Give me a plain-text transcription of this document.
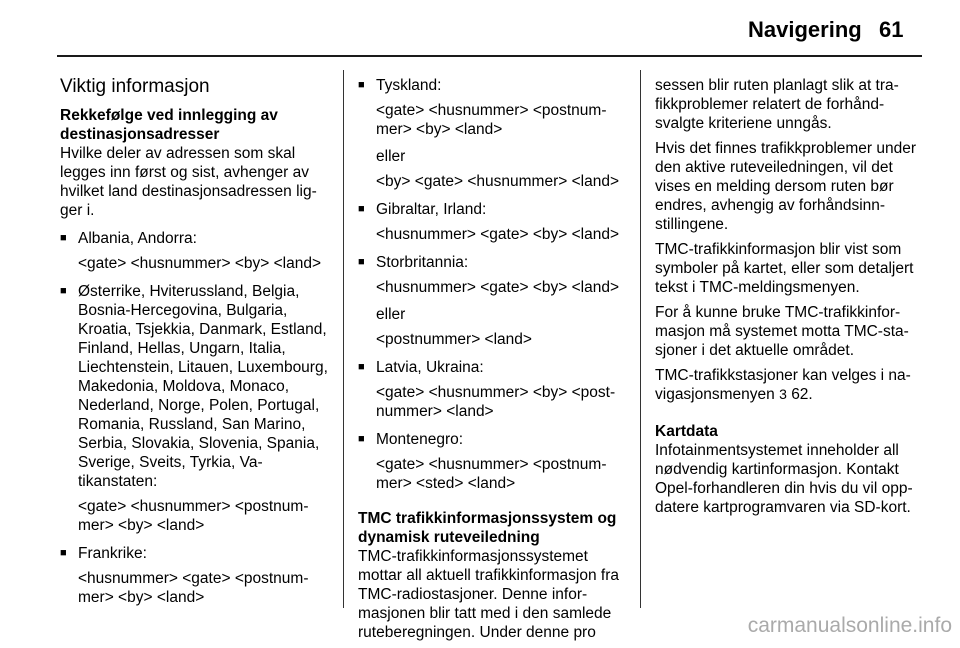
Navigering 61
Viktig informasjon

Rekkefølge ved innlegging av destinasjonsadresser

Hvilke deler av adressen som skal legges inn først og sist, avhenger av hvilket land destinasjonsadressen ligger i.

■ Albania, Andorra:
<gate> <husnummer> <by> <land>
■ Østerrike, Hviterussland, Belgia, Bosnia-Hercegovina, Bulgaria, Kroatia, Tsjekkia, Danmark, Estland, Finland, Hellas, Ungarn, Italia, Liechtenstein, Litauen, Luxembourg, Makedonia, Moldova, Monaco, Nederland, Norge, Polen, Portugal, Romania, Russland, San Marino, Serbia, Slovakia, Slovenia, Spania, Sverige, Sveits, Tyrkia, Vatikanstaten:
<gate> <husnummer> <postnummer> <by> <land>
■ Frankrike:
<husnummer> <gate> <postnummer> <by> <land>
■ Tyskland:
<gate> <husnummer> <postnummer> <by> <land>
eller
<by> <gate> <husnummer> <land>
■ Gibraltar, Irland:
<husnummer> <gate> <by> <land>
■ Storbritannia:
<husnummer> <gate> <by> <land>
eller
<postnummer> <land>
■ Latvia, Ukraina:
<gate> <husnummer> <by> <postnummer> <land>
■ Montenegro:
<gate> <husnummer> <postnummer> <sted> <land>

TMC trafikkinformasjonssystem og dynamisk ruteveiledning

TMC-trafikkinformasjonssystemet mottar all aktuell trafikkinformasjon fra TMC-radiostasjoner. Denne informasjonen blir tatt med i den samlede ruteberegningen. Under denne pro

sessen blir ruten planlagt slik at trafikkproblemer relatert de forhåndsvalgte kriteriene unngås.

Hvis det finnes trafikkproblemer under den aktive ruteveiledningen, vil det vises en melding dersom ruten bør endres, avhengig av forhåndsinnstillingene.

TMC-trafikkinformasjon blir vist som symboler på kartet, eller som detaljert tekst i TMC-meldingsmenyen.

For å kunne bruke TMC-trafikkinformasjon må systemet motta TMC-stasjoner i det aktuelle området.

TMC-trafikkstasjoner kan velges i navigasjonsmenyen 3 62.

Kartdata

Infotainmentsystemet inneholder all nødvendig kartinformasjon. Kontakt Opel-forhandleren din hvis du vil oppdatere kartprogramvaren via SD-kort.

carmanualsonline.info
